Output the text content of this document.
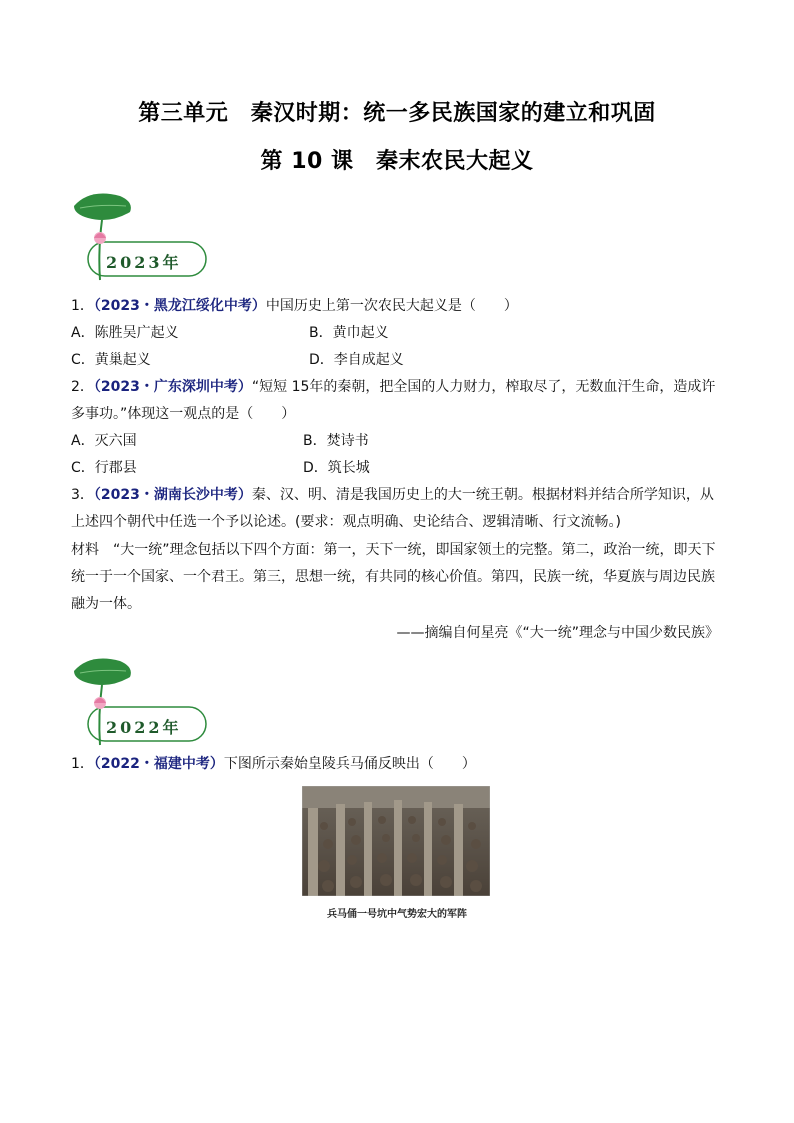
第三单元　秦汉时期：统一多民族国家的建立和巩固
第 10 课　秦末农民大起义
2023年
1．（2023・黑龙江绥化中考）中国历史上第一次农民大起义是（　　）
A．陈胜吴广起义	B．黄巾起义
C．黄巢起义	D．李自成起义
2．（2023・广东深圳中考）“短短 15年的秦朝，把全国的人力财力，榨取尽了，无数血汗生命，造成许多事功。”体现这一观点的是（　　）
A．灭六国	B．焚诗书
C．行郡县	D．筑长城
3．（2023・湖南长沙中考）秦、汉、明、清是我国历史上的大一统王朝。根据材料并结合所学知识，从上述四个朝代中任选一个予以论述。(要求：观点明确、史论结合、逻辑清晰、行文流畅。)
材料　“大一统”理念包括以下四个方面：第一，天下一统，即国家领土的完整。第二，政治一统，即天下统一于一个国家、一个君王。第三，思想一统，有共同的核心价值。第四，民族一统，华夏族与周边民族融为一体。
——摘编自何星亮《“大一统”理念与中国少数民族》
2022年
1．（2022・福建中考）下图所示秦始皇陵兵马俑反映出（　　）
兵马俑一号坑中气势宏大的军阵
